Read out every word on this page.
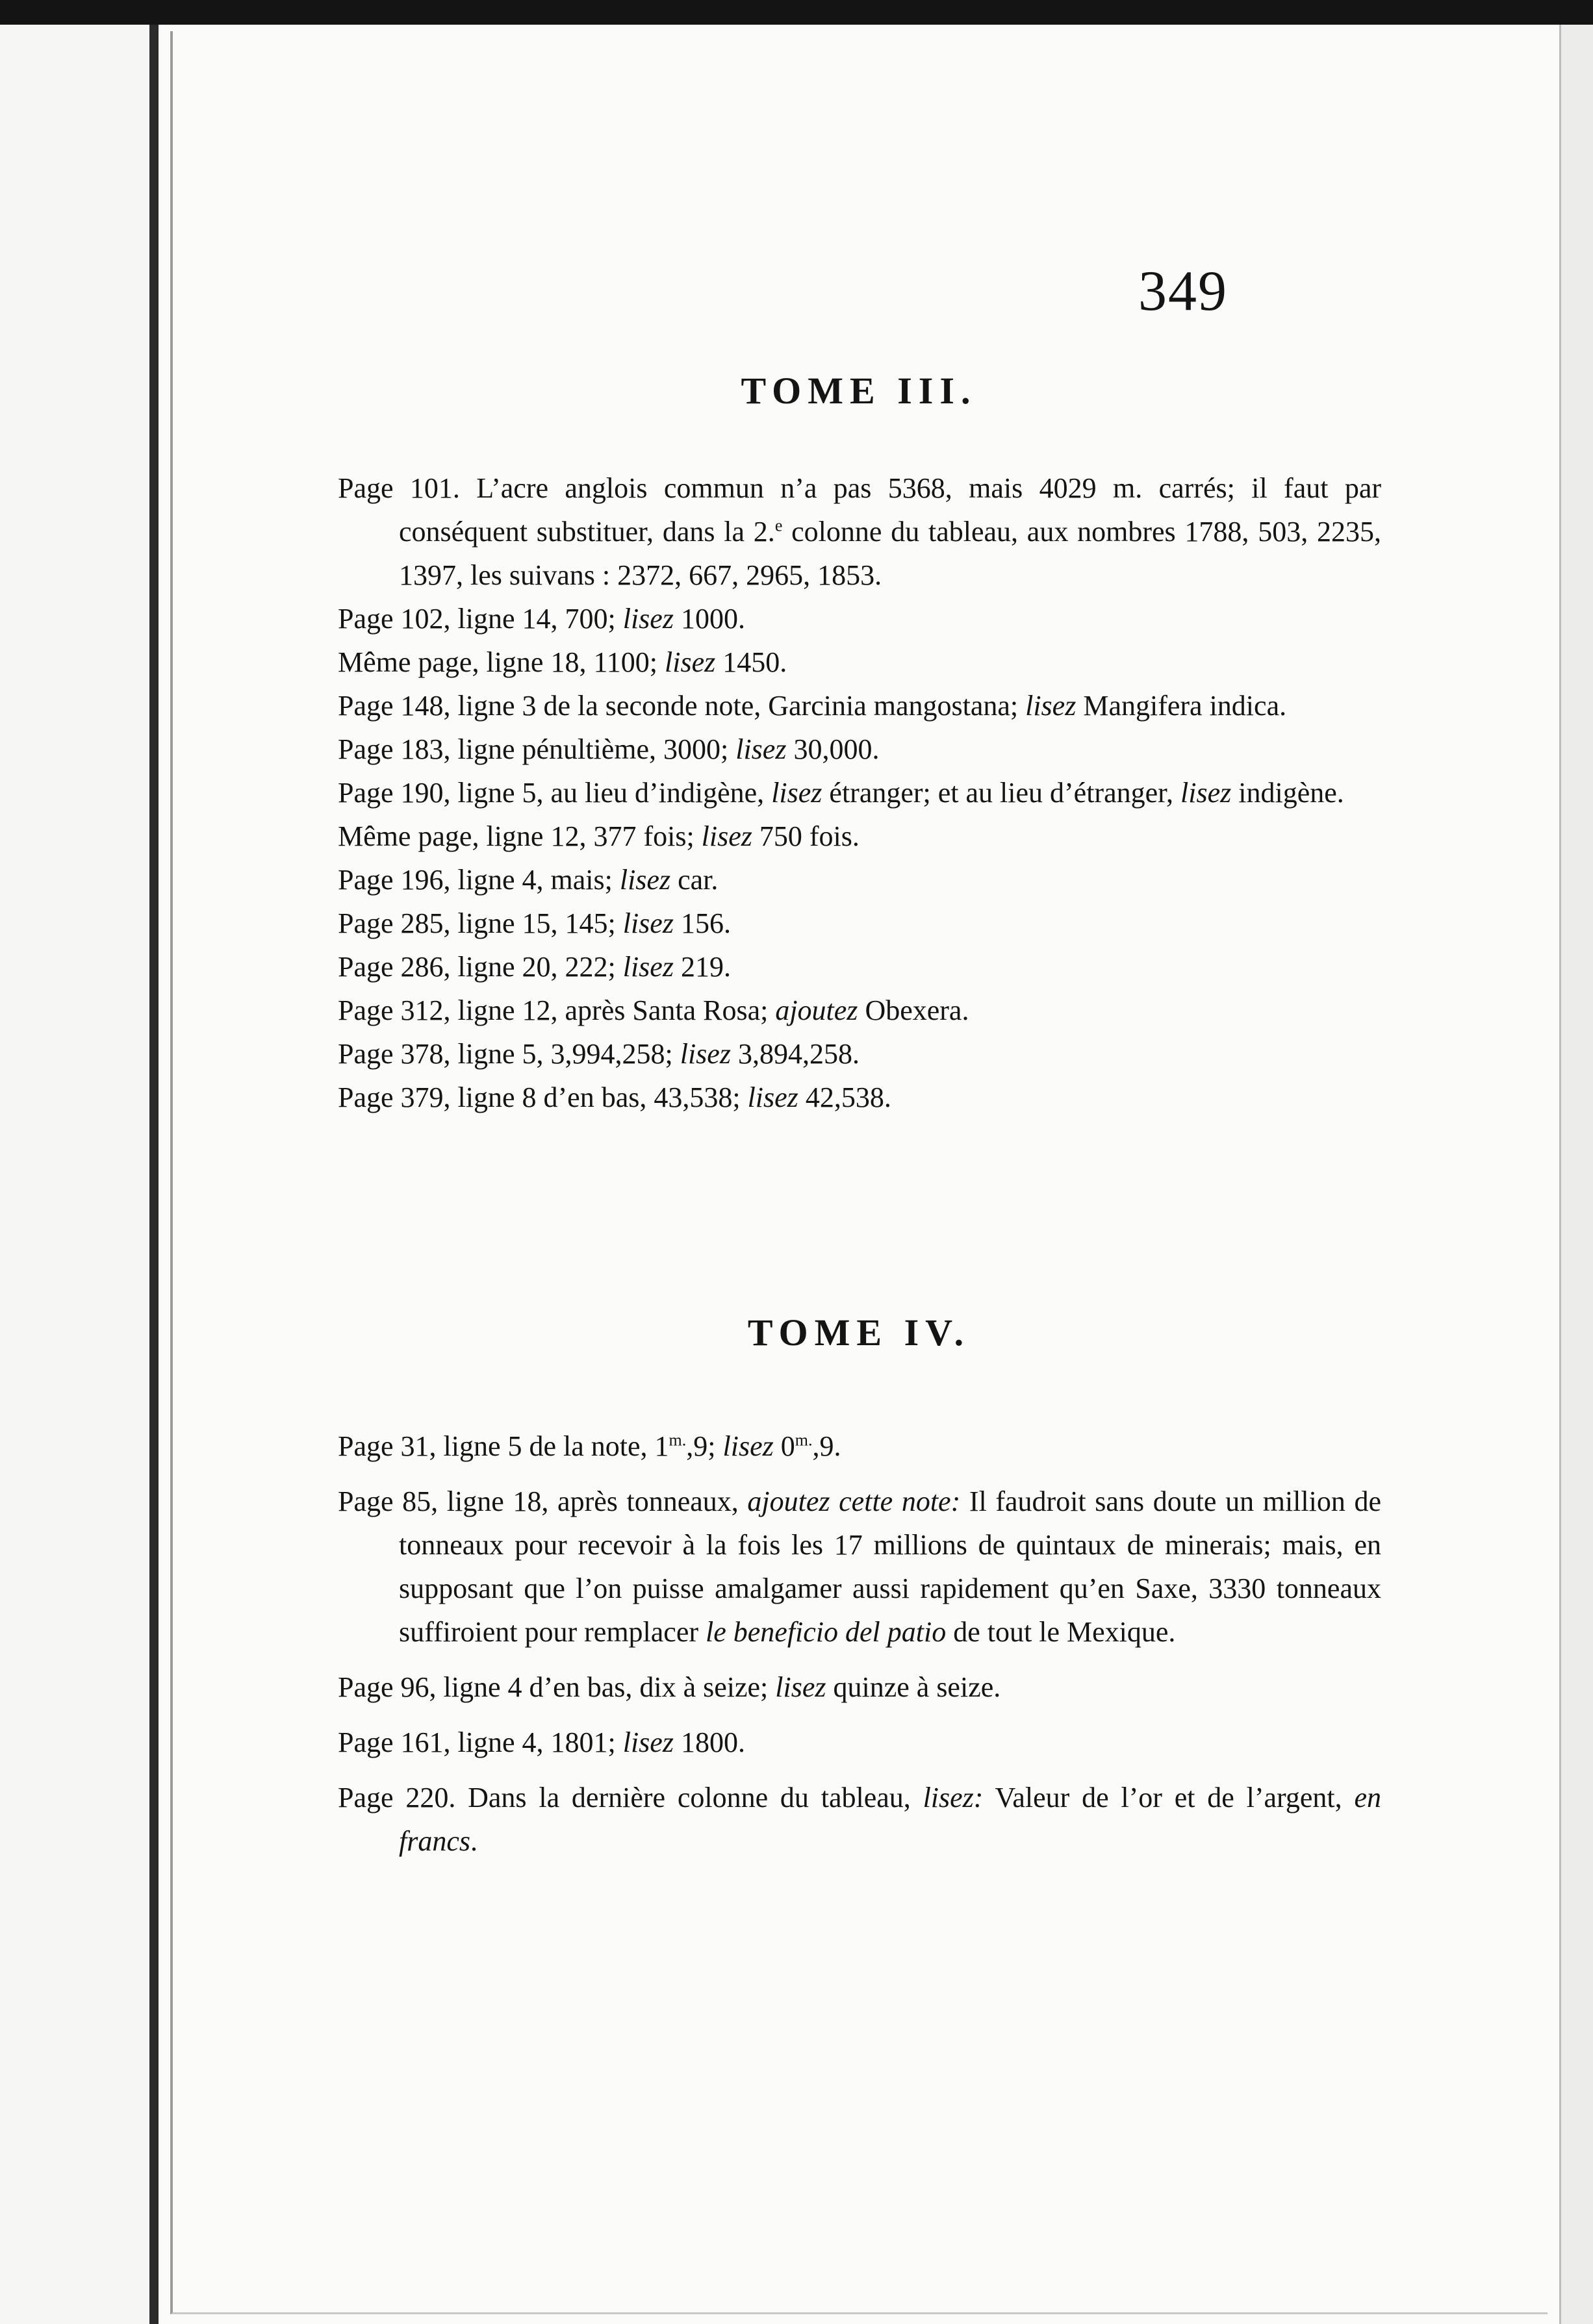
349
TOME III.
Page 101. L’acre anglois commun n’a pas 5368, mais 4029 m. carrés; il faut par conséquent substituer, dans la 2.$^e$ colonne du tableau, aux nombres 1788, 503, 2235, 1397, les suivans : 2372, 667, 2965, 1853.
Page 102, ligne 14, 700; lisez 1000.
Même page, ligne 18, 1100; lisez 1450.
Page 148, ligne 3 de la seconde note, Garcinia mangostana; lisez Mangifera indica.
Page 183, ligne pénultième, 3000; lisez 30,000.
Page 190, ligne 5, au lieu d’indigène, lisez étranger; et au lieu d’étranger, lisez indigène.
Même page, ligne 12, 377 fois; lisez 750 fois.
Page 196, ligne 4, mais; lisez car.
Page 285, ligne 15, 145; lisez 156.
Page 286, ligne 20, 222; lisez 219.
Page 312, ligne 12, après Santa Rosa; ajoutez Obexera.
Page 378, ligne 5, 3,994,258; lisez 3,894,258.
Page 379, ligne 8 d’en bas, 43,538; lisez 42,538.
TOME IV.
Page 31, ligne 5 de la note, $1^{m.},9$; lisez $0^{m.},9$.
Page 85, ligne 18, après tonneaux, ajoutez cette note: Il faudroit sans doute un million de tonneaux pour recevoir à la fois les 17 millions de quintaux de minerais; mais, en supposant que l’on puisse amalgamer aussi rapidement qu’en Saxe, 3330 tonneaux suffiroient pour remplacer le beneficio del patio de tout le Mexique.
Page 96, ligne 4 d’en bas, dix à seize; lisez quinze à seize.
Page 161, ligne 4, 1801; lisez 1800.
Page 220. Dans la dernière colonne du tableau, lisez: Valeur de l’or et de l’argent, en francs.
